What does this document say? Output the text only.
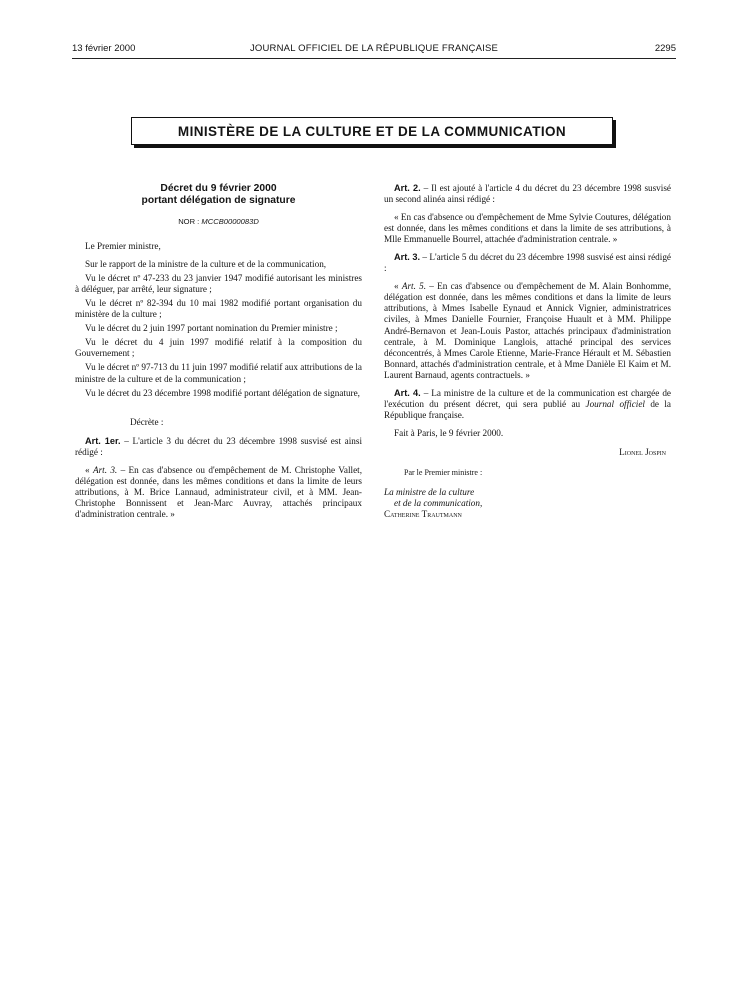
13 février 2000	JOURNAL OFFICIEL DE LA RÉPUBLIQUE FRANÇAISE	2295
MINISTÈRE DE LA CULTURE ET DE LA COMMUNICATION

Décret du 9 février 2000
portant délégation de signature

NOR : MCCB0000083D

Le Premier ministre,

Sur le rapport de la ministre de la culture et de la communication,

Vu le décret nº 47-233 du 23 janvier 1947 modifié autorisant les ministres à déléguer, par arrêté, leur signature ;

Vu le décret nº 82-394 du 10 mai 1982 modifié portant organisation du ministère de la culture ;

Vu le décret du 2 juin 1997 portant nomination du Premier ministre ;

Vu le décret du 4 juin 1997 modifié relatif à la composition du Gouvernement ;

Vu le décret nº 97-713 du 11 juin 1997 modifié relatif aux attributions de la ministre de la culture et de la communication ;

Vu le décret du 23 décembre 1998 modifié portant délégation de signature,

Décrète :

Art. 1er. – L'article 3 du décret du 23 décembre 1998 susvisé est ainsi rédigé :

« Art. 3. – En cas d'absence ou d'empêchement de M. Christophe Vallet, délégation est donnée, dans les mêmes conditions et dans la limite de leurs attributions, à M. Brice Lannaud, administrateur civil, et à MM. Jean-Christophe Bonnissent et Jean-Marc Auvray, attachés principaux d'administration centrale. »

Art. 2. – Il est ajouté à l'article 4 du décret du 23 décembre 1998 susvisé un second alinéa ainsi rédigé :

« En cas d'absence ou d'empêchement de Mme Sylvie Coutures, délégation est donnée, dans les mêmes conditions et dans la limite de ses attributions, à Mlle Emmanuelle Bourrel, attachée d'administration centrale. »

Art. 3. – L'article 5 du décret du 23 décembre 1998 susvisé est ainsi rédigé :

« Art. 5. – En cas d'absence ou d'empêchement de M. Alain Bonhomme, délégation est donnée, dans les mêmes conditions et dans la limite de leurs attributions, à Mmes Isabelle Eynaud et Annick Vignier, administratrices civiles, à Mmes Danielle Fournier, Françoise Huault et à MM. Philippe André-Bernavon et Jean-Louis Pastor, attachés principaux d'administration centrale, à M. Dominique Langlois, attaché principal des services déconcentrés, à Mmes Carole Etienne, Marie-France Hérault et M. Sébastien Bonnard, attachés d'administration centrale, et à Mme Danièle El Kaim et M. Laurent Barnaud, agents contractuels. »

Art. 4. – La ministre de la culture et de la communication est chargée de l'exécution du présent décret, qui sera publié au Journal officiel de la République française.

Fait à Paris, le 9 février 2000.

Lionel Jospin

Par le Premier ministre :

La ministre de la culture

et de la communication,

Catherine Trautmann
